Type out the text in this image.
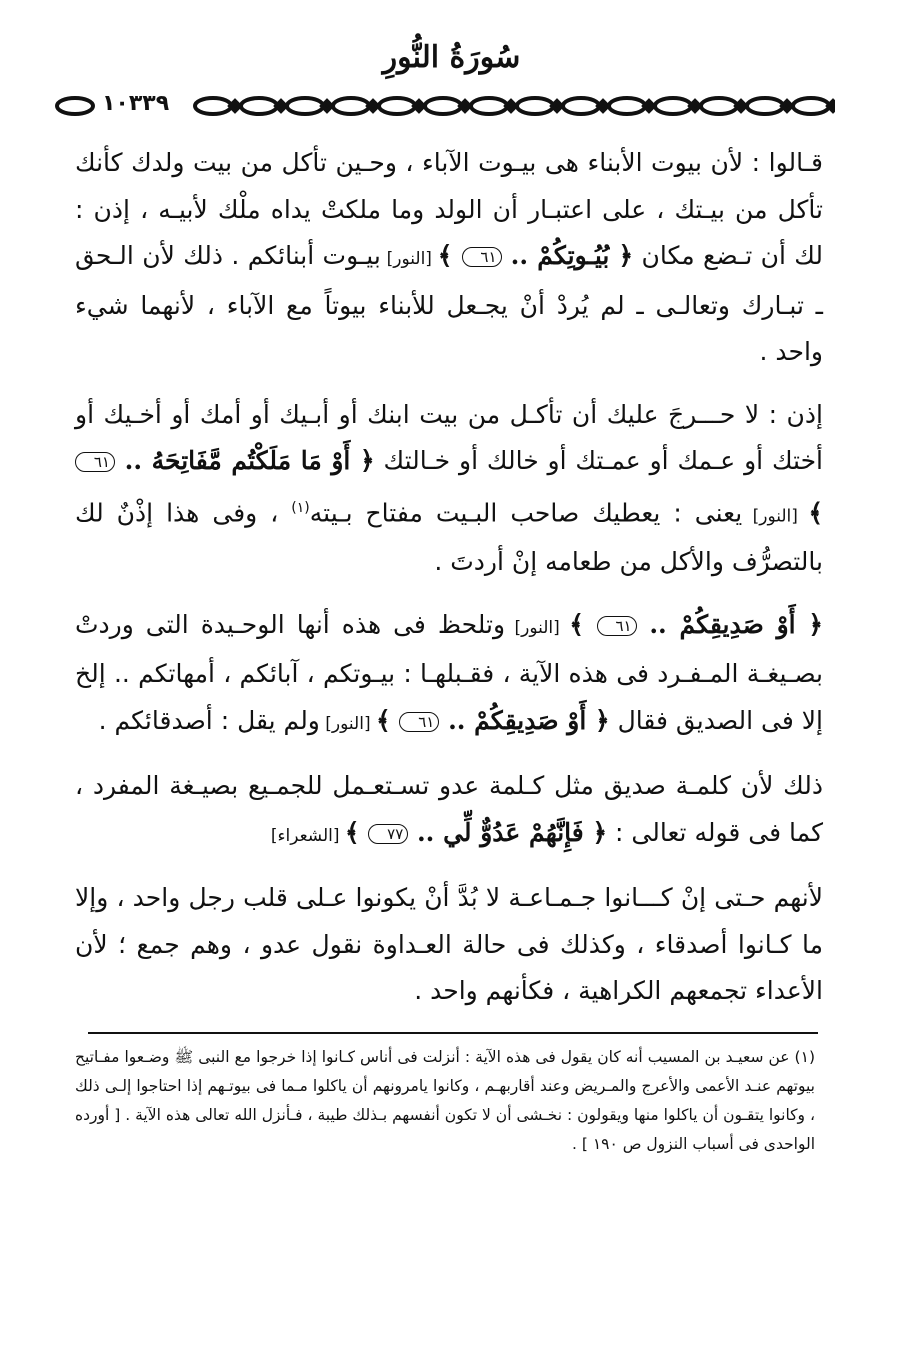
سُورَةُ النُّورِ
١٠٣٣٩

قـالوا : لأن بيوت الأبناء هى بيـوت الآباء ، وحـين تأكل من بيت ولدك كأنك تأكل من بيـتك ، على اعتبـار أن الولد وما ملكتْ يداه ملْك لأبيـه ، إذن : لك أن تـضع مكان ﴿ بُيُـوتِكُمْ .. ٦١ ﴾ [النور] بيـوت أبنائكم . ذلك لأن الـحق ـ تبـارك وتعالـى ـ لم يُردْ أنْ يجـعل للأبناء بيوتاً مع الآباء ، لأنهما شيء واحد .

إذن : لا حـــرجَ عليك أن تأكـل من بيت ابنك أو أبـيك أو أمك أو أخـيك أو أختك أو عـمك أو عمـتك أو خالك أو خـالتك ﴿ أَوْ مَا مَلَكْتُم مَّفَاتِحَهُ .. ٦١ ﴾ [النور] يعنى : يعطيك صاحب البـيت مفتاح بـيته$^{(١)}$ ، وفى هذا إذْنٌ لك بالتصرُّف والأكل من طعامه إنْ أردتَ .

﴿ أَوْ صَدِيقِكُمْ .. ٦١ ﴾ [النور] وتلحظ فى هذه أنها الوحـيدة التى وردتْ بصـيغـة المـفـرد فى هذه الآية ، فقـبلهـا : بيـوتكم ، آبائكم ، أمهاتكم .. إلخ إلا فى الصديق فقال ﴿ أَوْ صَدِيقِكُمْ .. ٦١ ﴾ [النور] ولم يقل : أصدقائكم .

ذلك لأن كلمـة صديق مثل كـلمة عدو تسـتعـمل للجمـيع بصيـغة المفرد ، كما فى قوله تعالى : ﴿ فَإِنَّهُمْ عَدُوٌّ لِّي .. ٧٧ ﴾ [الشعراء]

لأنهم حـتى إنْ كـــانوا جـمـاعـة لا بُدَّ أنْ يكونوا عـلى قلب رجل واحد ، وإلا ما كـانوا أصدقاء ، وكذلك فى حالة العـداوة نقول عدو ، وهم جمع ؛ لأن الأعداء تجمعهم الكراهية ، فكأنهم واحد .

(١) عن سعيـد بن المسيب أنه كان يقول فى هذه الآية : أنزلت فى أناس كـانوا إذا خرجوا مع النبى ﷺ وضـعوا مفـاتيح بيوتهم عنـد الأعمى والأعرج والمـريض وعند أقاربهـم ، وكانوا يامرونهم أن ياكلوا مـما فى بيوتـهم إذا احتاجوا إلـى ذلك ، وكانوا يتقـون أن ياكلوا منها ويقولون : نخـشى أن لا تكون أنفسهم بـذلك طيبة ، فـأنزل الله تعالى هذه الآية . [ أورده الواحدى فى أسباب النزول ص ١٩٠ ] .
